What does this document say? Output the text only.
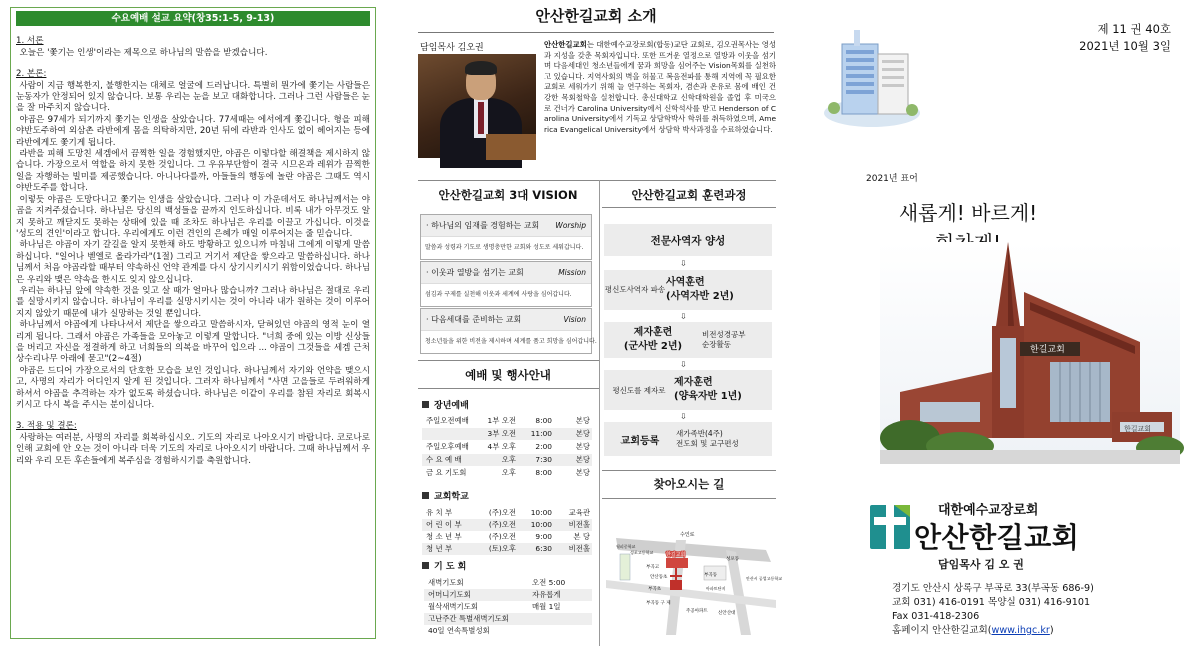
수요예배 설교 요약(창35:1-5, 9-13)
1. 서론
오늘은 '쫓기는 인생'이라는 제목으로 하나님의 말씀을 받겠습니다.
2. 본론:
사람이 지금 행복한지, 불행한지는 대체로 얼굴에 드러납니다. 특별히 뭔가에 쫓기는 사람들은 눈동자가 안정되어 있지 않습니다. 보통 우리는 눈을 보고 대화합니다. 그러나 그런 사람들은 눈을 잘 마주치지 않습니다.
야곱은 97세가 되기까지 쫓기는 인생을 살았습니다. 77세때는 에서에게 쫓깁니다. 형을 피해 야반도주하여 외삼촌 라반에게 몸을 의탁하지만, 20년 뒤에 라반과 인사도 없이 헤어지는 등에 라반에게도 쫓기게 됩니다.
라반을 피해 도망친 세겜에서 끔찍한 일을 경험했지만, 야곱은 이렇다할 해결책을 제시하지 않습니다. 가장으로서 역할을 하지 못한 것입니다. 그 우유부단함이 결국 시므온과 레위가 끔찍한 일을 자행하는 빌미를 제공했습니다. 아니나다를까, 아들들의 행동에 놀란 야곱은 그때도 역시 야반도주를 합니다.
이렇듯 야곱은 도망다니고 쫓기는 인생을 살았습니다. 그러나 이 가운데서도 하나님께서는 야곱을 지켜주셨습니다. 하나님은 당신의 백성들을 끝까지 인도하십니다. 비록 내가 아무것도 알지 못하고 깨닫지도 못하는 상태에 있을 때 조차도 하나님은 우리를 이끌고 가십니다. 이것을 '성도의 견인'이라고 합니다. 우리에게도 이런 견인의 은혜가 매일 이루어지는 줄 믿습니다.
하나님은 야곱이 자기 갈길을 알지 못한채 하도 방황하고 있으니까 마침내 그에게 이렇게 말씀하십니다. "일어나 벧엘로 올라가라"(1절) 그리고 거기서 제단을 쌓으라고 말씀하십니다. 하나님께서 처음 야곱라할 때부터 약속하신 언약 관계를 다시 상기시키시기 위함이었습니다. 하나님은 우리와 맺은 약속을 한시도 잊지 않으십니다.
우리는 하나님 앞에 약속한 것을 잊고 살 때가 얼마나 많습니까? 그러나 하나님은 절대로 우리를 실망시키지 않습니다. 하나님이 우리를 실망시키시는 것이 아니라 내가 원하는 것이 이루어지지 않았기 때문에 내가 실망하는 것일 뿐입니다.
하나님께서 야곱에게 나타나셔서 제단을 쌓으라고 말씀하시자, 닫혀있던 야곱의 영적 눈이 열리게 됩니다. 그래서 야곱은 가족들을 모아놓고 이렇게 말합니다. "너희 중에 있는 이방 신상들을 버리고 자신을 정결하게 하고 너희들의 의복을 바꾸어 입으라 ... 야곱이 그것들을 세겜 근처 상수리나무 아래에 묻고"(2~4절)
야곱은 드디어 가장으로서의 단호한 모습을 보인 것입니다. 하나님께서 자기와 언약을 맺으시고, 사명의 자리가 어디인지 알게 된 것입니다. 그러자 하나님께서 "사면 고을들로 두려워하게 하셔서 야곱을 추격하는 자가 없도록 하셨습니다. 하나님은 이같이 우리를 참된 자리로 회복시키시고 다시 복을 주시는 분이십니다.
3. 적용 및 결론:
사랑하는 여러분, 사명의 자리를 회복하십시오. 기도의 자리로 나아오시기 바랍니다. 코로나로 인해 교회에 안 오는 것이 아니라 더욱 기도의 자리로 나아오시기 바랍니다. 그때 하나님께서 우리와 우리 모든 후손들에게 복주심을 경험하시기를 축원합니다.
안산한길교회 소개
담임목사 김오권	안산한길교회는 대한예수교장로회(합동)교단 교회로, 김오권목사는 영성과 지성을 갖춘 목회자입니다. 또한 뜨거운 열정으로 열방과 이웃을 섬기며 다음세대인 청소년들에게 꿈과 희망을 심어주는 Vision목회를 실천하고 있습니다. 지역사회의 벽을 허물고 복음전파를 통해 지역에 꼭 필요한 교회로 세워가기 위해 늘 연구하는 목회자, 겸손과 온유로 몸에 배인 건강한 목회철학을 실천합니다. 총신대학교 신학대학원을 졸업 후 미국으로 건너가 Carolina University에서 신학석사를 받고 Henderson of Carolina University에서 기독교 상담학박사 학위를 취득하였으며, America Evangelical University에서 상담학 박사과정을 수료하였습니다.
안산한길교회 3대 VISION
· 하나님의 임재를 경험하는 교회 Worship
말씀과 성령과 기도로 생명충만한 교회와 성도로 세워갑니다.
· 이웃과 열방을 섬기는 교회	Mission
섬김과 구제를 실천해 이웃과 세계에 사랑을 심어갑니다.
· 다음세대를 준비하는 교회	Vision
청소년들을 위한 비전을 제시하며 세계를 품고 희망을 심어갑니다.
예배 및 행사안내
장년예배
주일오전예배	1부 오전	8:00	본당
3부 오전	11:00	본당
주일오후예배	4부 오후	2:00	본당
수 요 예 배	오후	7:30	본당
금 요 기도회	오후	8:00	본당
교회학교
유 치 부	(주)오전	10:00	교육관
어 린 이 부	(주)오전	10:00	비전홀
청 소 년 부	(주)오전	9:00	본 당
청 년 부	(토)오후	6:30	비전홀
기 도 회
새벽기도회	오전 5:00
어머니기도회	자유롭게
월삭새벽기도회	매월 1일
고난주간 특별새벽기도회
40일 연속특별성회
안산한길교회 훈련과정
전문사역자 양성
⇩
평신도사역자 파송
사역훈련
(사역자반 2년)
⇩
제자훈련
(군사반 2년)
비전성경공부
순장활동
⇩
평신도를 제자로
제자훈련
(양육자반 1년)
⇩
교회등록
새가족반(4주)
전도회 및 교구편성
찾아오시는 길
수인로
한길교회
부곡고
부곡초
월피중학교
성포고등학교
안산동초	부곡동
부곡동 구 제
주공아파트
성포동
아파트단지
신안산대
안산시 공업고등학교
제 11 권 40호
2021년 10월 3일
2021년 표어
새롭게! 바르게!
한길교회
한길교회
대한예수교장로회
안산한길교회
담임목사 김 오 권
경기도 안산시 상록구 부곡로 33(부곡동 686-9)
교회 031) 416-0191 목양실 031) 416-9101
Fax 031-418-2306
홈페이지 안산한길교회(www.ihgc.kr)
